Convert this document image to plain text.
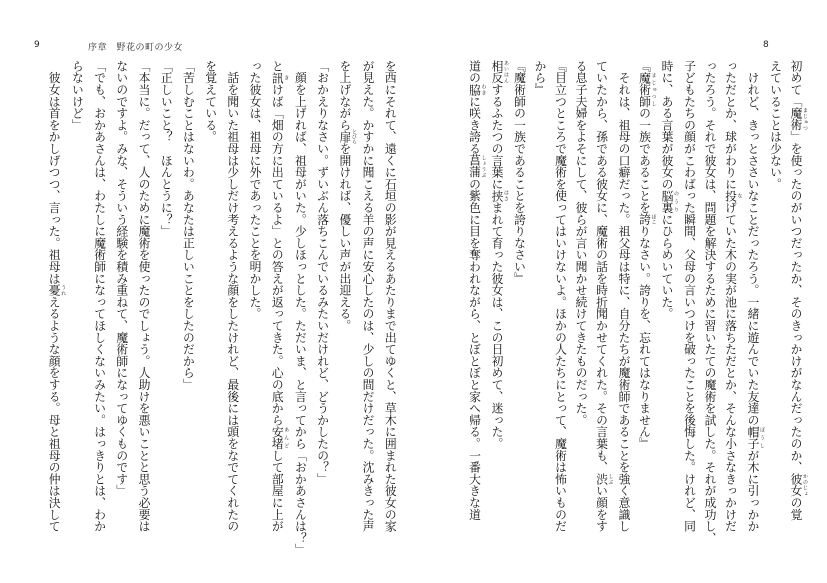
9	序章　野花の町の少女
を西にそれて、遠くに石垣の影が見えるあたりまで出てゆくと、草木に囲まれた彼女の家
が見えた。かすかに聞こえる羊の声に安心したのは、少しの間だけだった。沈みきった声
を上げながら扉 とびらを開ければ、優しい声が出迎える。
「おかえりなさい。ずいぶん落ちこんでいるみたいだけれど、どうかしたの？」
　顔を上げれば、祖母がいた。少しほっとした。ただいま、と言ってから「おかあさんは？」
と訊 きけば「畑の方に出ているよ」との答えが返ってきた。心の底から安堵 あんどして部屋に上が
った彼女は、祖母に外であったことを明かした。
　話を聞いた祖母は少しだけ考えるような顔をしたけれど、最後には頭をなでてくれたの
を覚えている。
「苦しむことはないわ。あなたは正しいことをしたのだから」
「正しいこと？　ほんとうに？」
「本当に。だって、人のために魔術を使ったのでしょう。人助けを悪いことと思う必要は
ないのですよ。みな、そういう経験を積み重ねて、魔術師になってゆくものです」
「でも、おかあさんは、わたしに魔術師になってほしくないみたい。はっきりとは、わか
らないけど」
　彼女は首をかしげつつ、言った。祖母は憂 うれえるような顔をする。母と祖母の仲は決して
8
初めて「魔術 まじゅつ」を使ったのがいつだったか、そのきっかけがなんだったのか、彼女 かのじょの覚
えていることは少ない。
　けれど、きっとささいなことだったろう。一緒に遊んでいた友達の帽子 ぼうしが木に引っかか
っただとか、球がわりに投 なげていた木の実が池に落ちただとか、そんな小さなきっかけだ
ったろう。それで彼女は、問題を解決するために習いたての魔術を試した。それが成功し、
子どもたちの顔がこわばった瞬間、父母の言いつけを破ったことを後悔した。けれど、同
時に、ある言葉が彼女の脳裏 のうりにひらめいていた。
『魔術師 まじゅつしの一族であることを誇 ほこりなさい。誇りを、忘れてはなりません』
　それは、祖母の口癖だった。祖父母は特に、自分たちが魔術師であることを強く意識し
ていたから、孫である彼女に、魔術の話を時折聞かせてくれた。その言葉も、渋 しぶい顔をす
る息子夫婦をよそにして、彼らが言い聞かせ続けてきたものだった。
『目立つところで魔術を使ってはいけないよ。ほかの人たちにとって、魔術は怖いものだ
から』
『魔術師の一族であることを誇りなさい』
相反 あいはんするふたつの言葉に挟 はさまれて育った彼女は、この日初めて、迷った。
道の脇 わきに咲き誇る菖蒲 しょうぶの紫色に目を奪われながら、とぼとぼと家へ帰る。一番大きな道
